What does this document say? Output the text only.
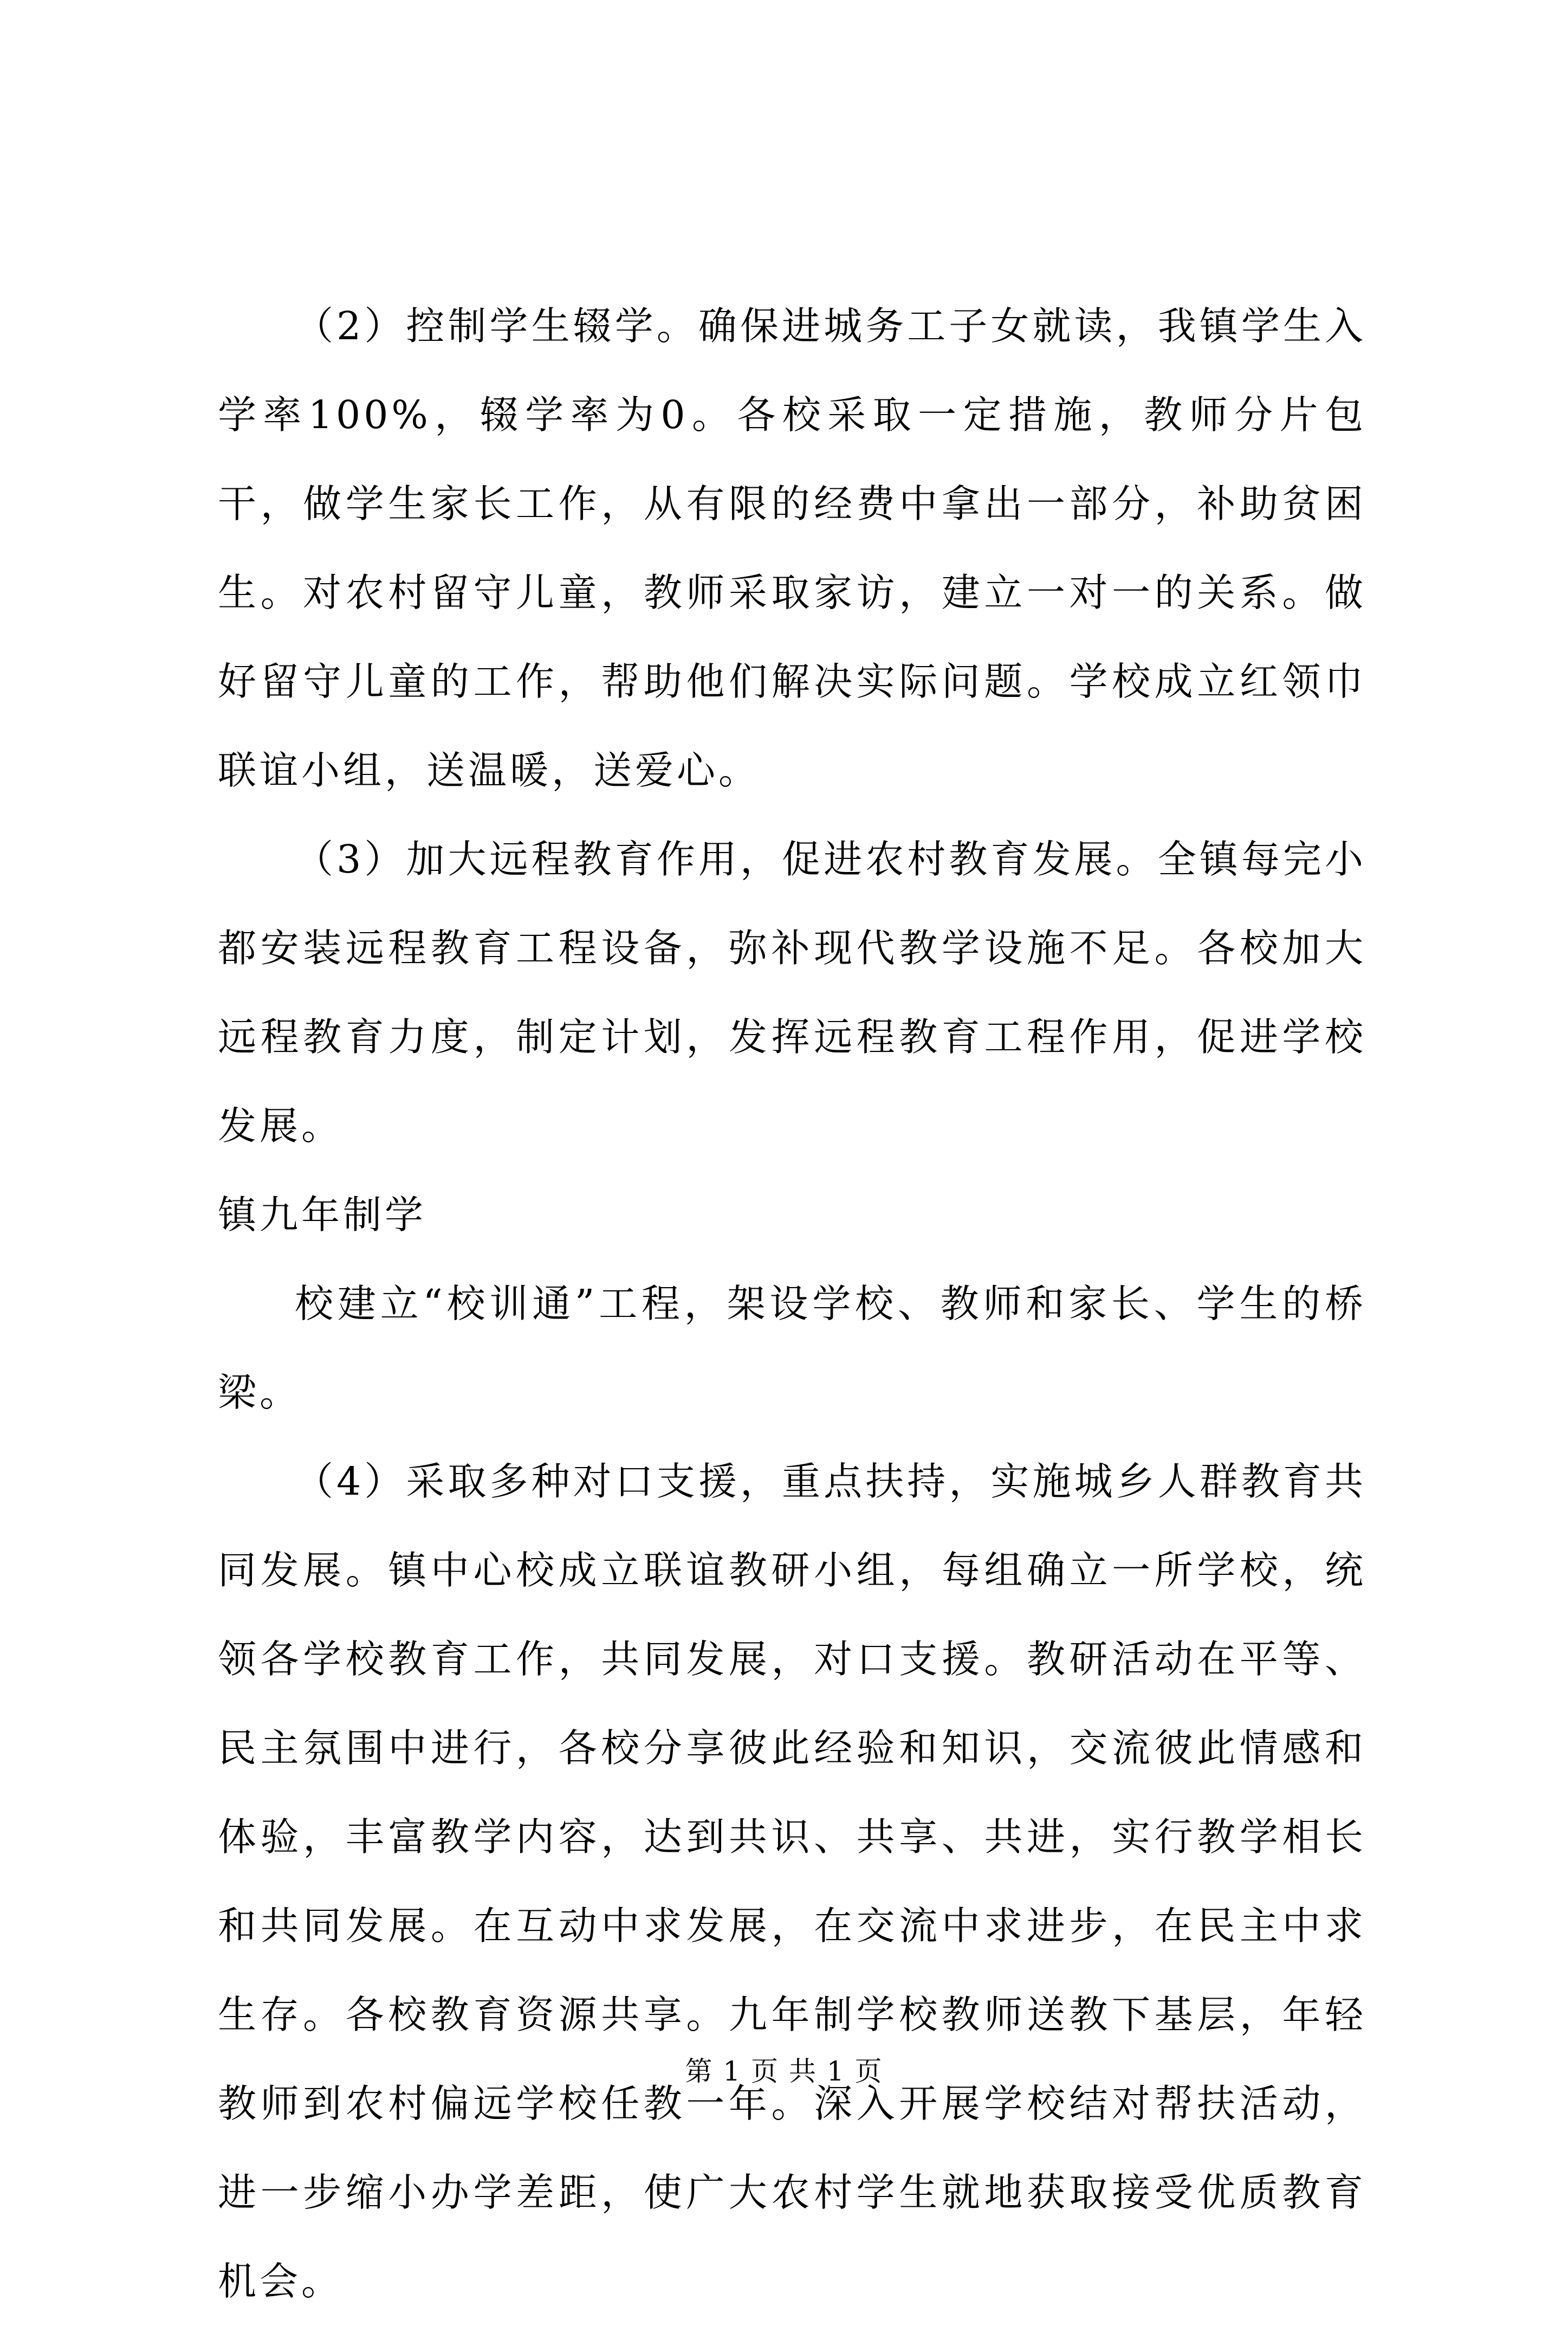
（2）控制学生辍学。确保进城务工子女就读，我镇学生入学率100%，辍学率为0。各校采取一定措施，教师分片包干，做学生家长工作，从有限的经费中拿出一部分，补助贫困生。对农村留守儿童，教师采取家访，建立一对一的关系。做好留守儿童的工作，帮助他们解决实际问题。学校成立红领巾联谊小组，送温暖，送爱心。

（3）加大远程教育作用，促进农村教育发展。全镇每完小都安装远程教育工程设备，弥补现代教学设施不足。各校加大远程教育力度，制定计划，发挥远程教育工程作用，促进学校发展。

镇九年制学

校建立“校训通”工程，架设学校、教师和家长、学生的桥梁。

（4）采取多种对口支援，重点扶持，实施城乡人群教育共同发展。镇中心校成立联谊教研小组，每组确立一所学校，统领各学校教育工作，共同发展，对口支援。教研活动在平等、民主氛围中进行，各校分享彼此经验和知识，交流彼此情感和体验，丰富教学内容，达到共识、共享、共进，实行教学相长和共同发展。在互动中求发展，在交流中求进步，在民主中求生存。各校教育资源共享。九年制学校教师送教下基层，年轻教师到农村偏远学校任教一年。深入开展学校结对帮扶活动，进一步缩小办学差距，使广大农村学生就地获取接受优质教育机会。

第 1 页 共 1 页
